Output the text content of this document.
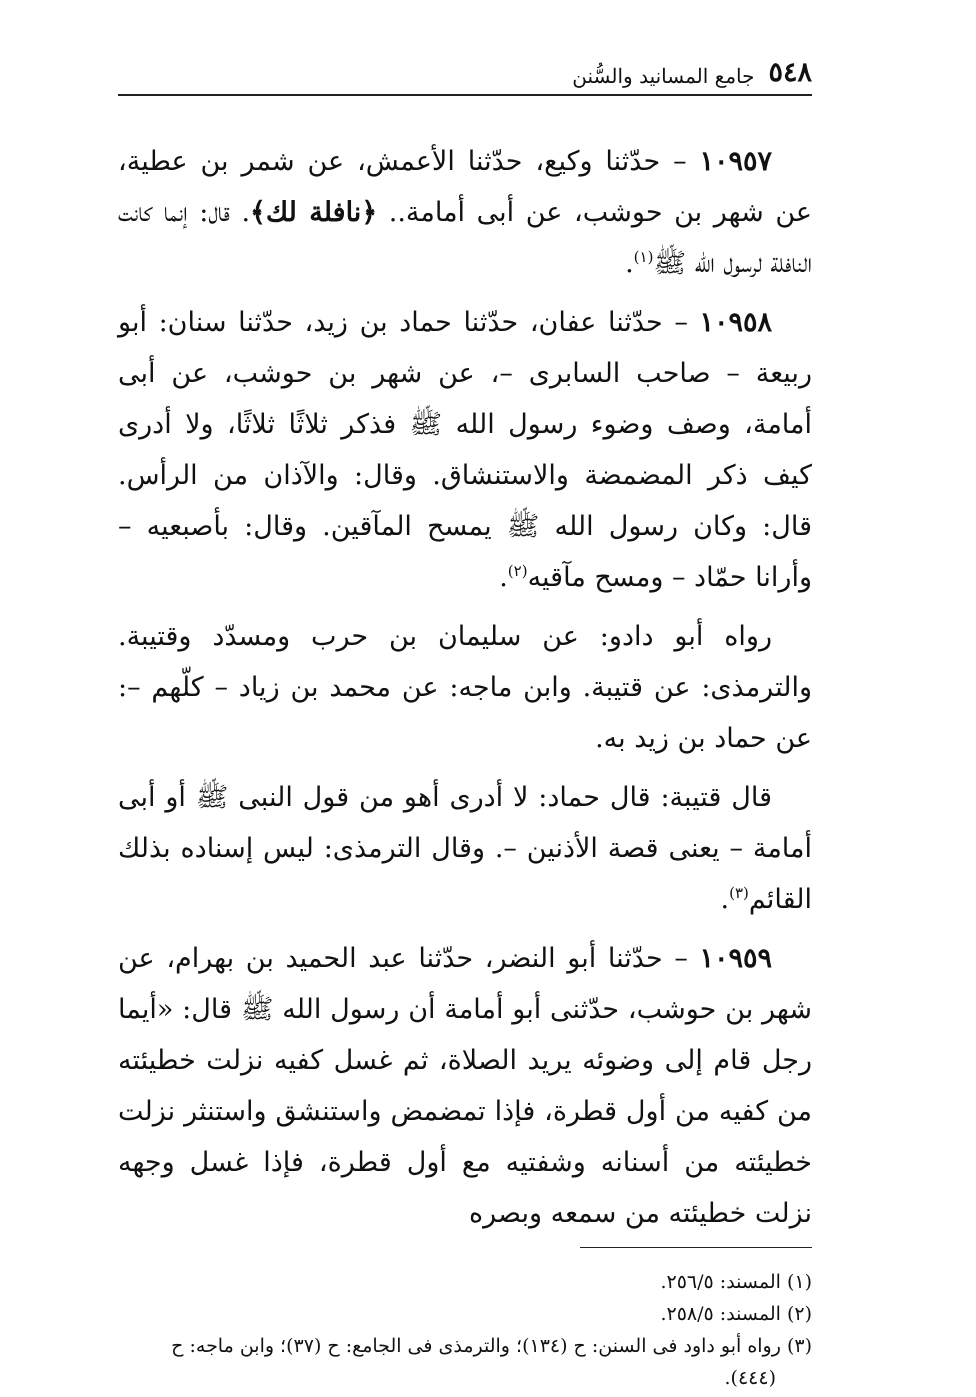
٥٤٨
جامع المسانيد والسُّنن

١٠٩٥٧ – حدّثنا وكيع، حدّثنا الأعمش، عن شمر بن عطية، عن شهر بن حوشب، عن أبى أمامة.. ﴿نافلة لك﴾. قال: إنما كانت النافلة لرسول الله ﷺ$^{(١)}$.

١٠٩٥٨ – حدّثنا عفان، حدّثنا حماد بن زيد، حدّثنا سنان: أبو ربيعة – صاحب السابرى –، عن شهر بن حوشب، عن أبى أمامة، وصف وضوء رسول الله ﷺ فذكر ثلاثًا ثلاثًا، ولا أدرى كيف ذكر المضمضة والاستنشاق. وقال: والآذان من الرأس. قال: وكان رسول الله ﷺ يمسح المآقين. وقال: بأصبعيه – وأرانا حمّاد – ومسح مآقيه$^{(٢)}$.

رواه أبو دادو: عن سليمان بن حرب ومسدّد وقتيبة. والترمذى: عن قتيبة. وابن ماجه: عن محمد بن زياد – كلّهم –: عن حماد بن زيد به.

قال قتيبة: قال حماد: لا أدرى أهو من قول النبى ﷺ أو أبى أمامة – يعنى قصة الأذنين –. وقال الترمذى: ليس إسناده بذلك القائم$^{(٣)}$.

١٠٩٥٩ – حدّثنا أبو النضر، حدّثنا عبد الحميد بن بهرام، عن شهر بن حوشب، حدّثنى أبو أمامة أن رسول الله ﷺ قال: «أيما رجل قام إلى وضوئه يريد الصلاة، ثم غسل كفيه نزلت خطيئته من كفيه من أول قطرة، فإذا تمضمض واستنشق واستنثر نزلت خطيئته من أسنانه وشفتيه مع أول قطرة، فإذا غسل وجهه نزلت خطيئته من سمعه وبصره

(١) المسند: ٢٥٦/٥.

(٢) المسند: ٢٥٨/٥.

(٣) رواه أبو داود فى السنن: ح (١٣٤)؛ والترمذى فى الجامع: ح (٣٧)؛ وابن ماجه: ح (٤٤٤).
